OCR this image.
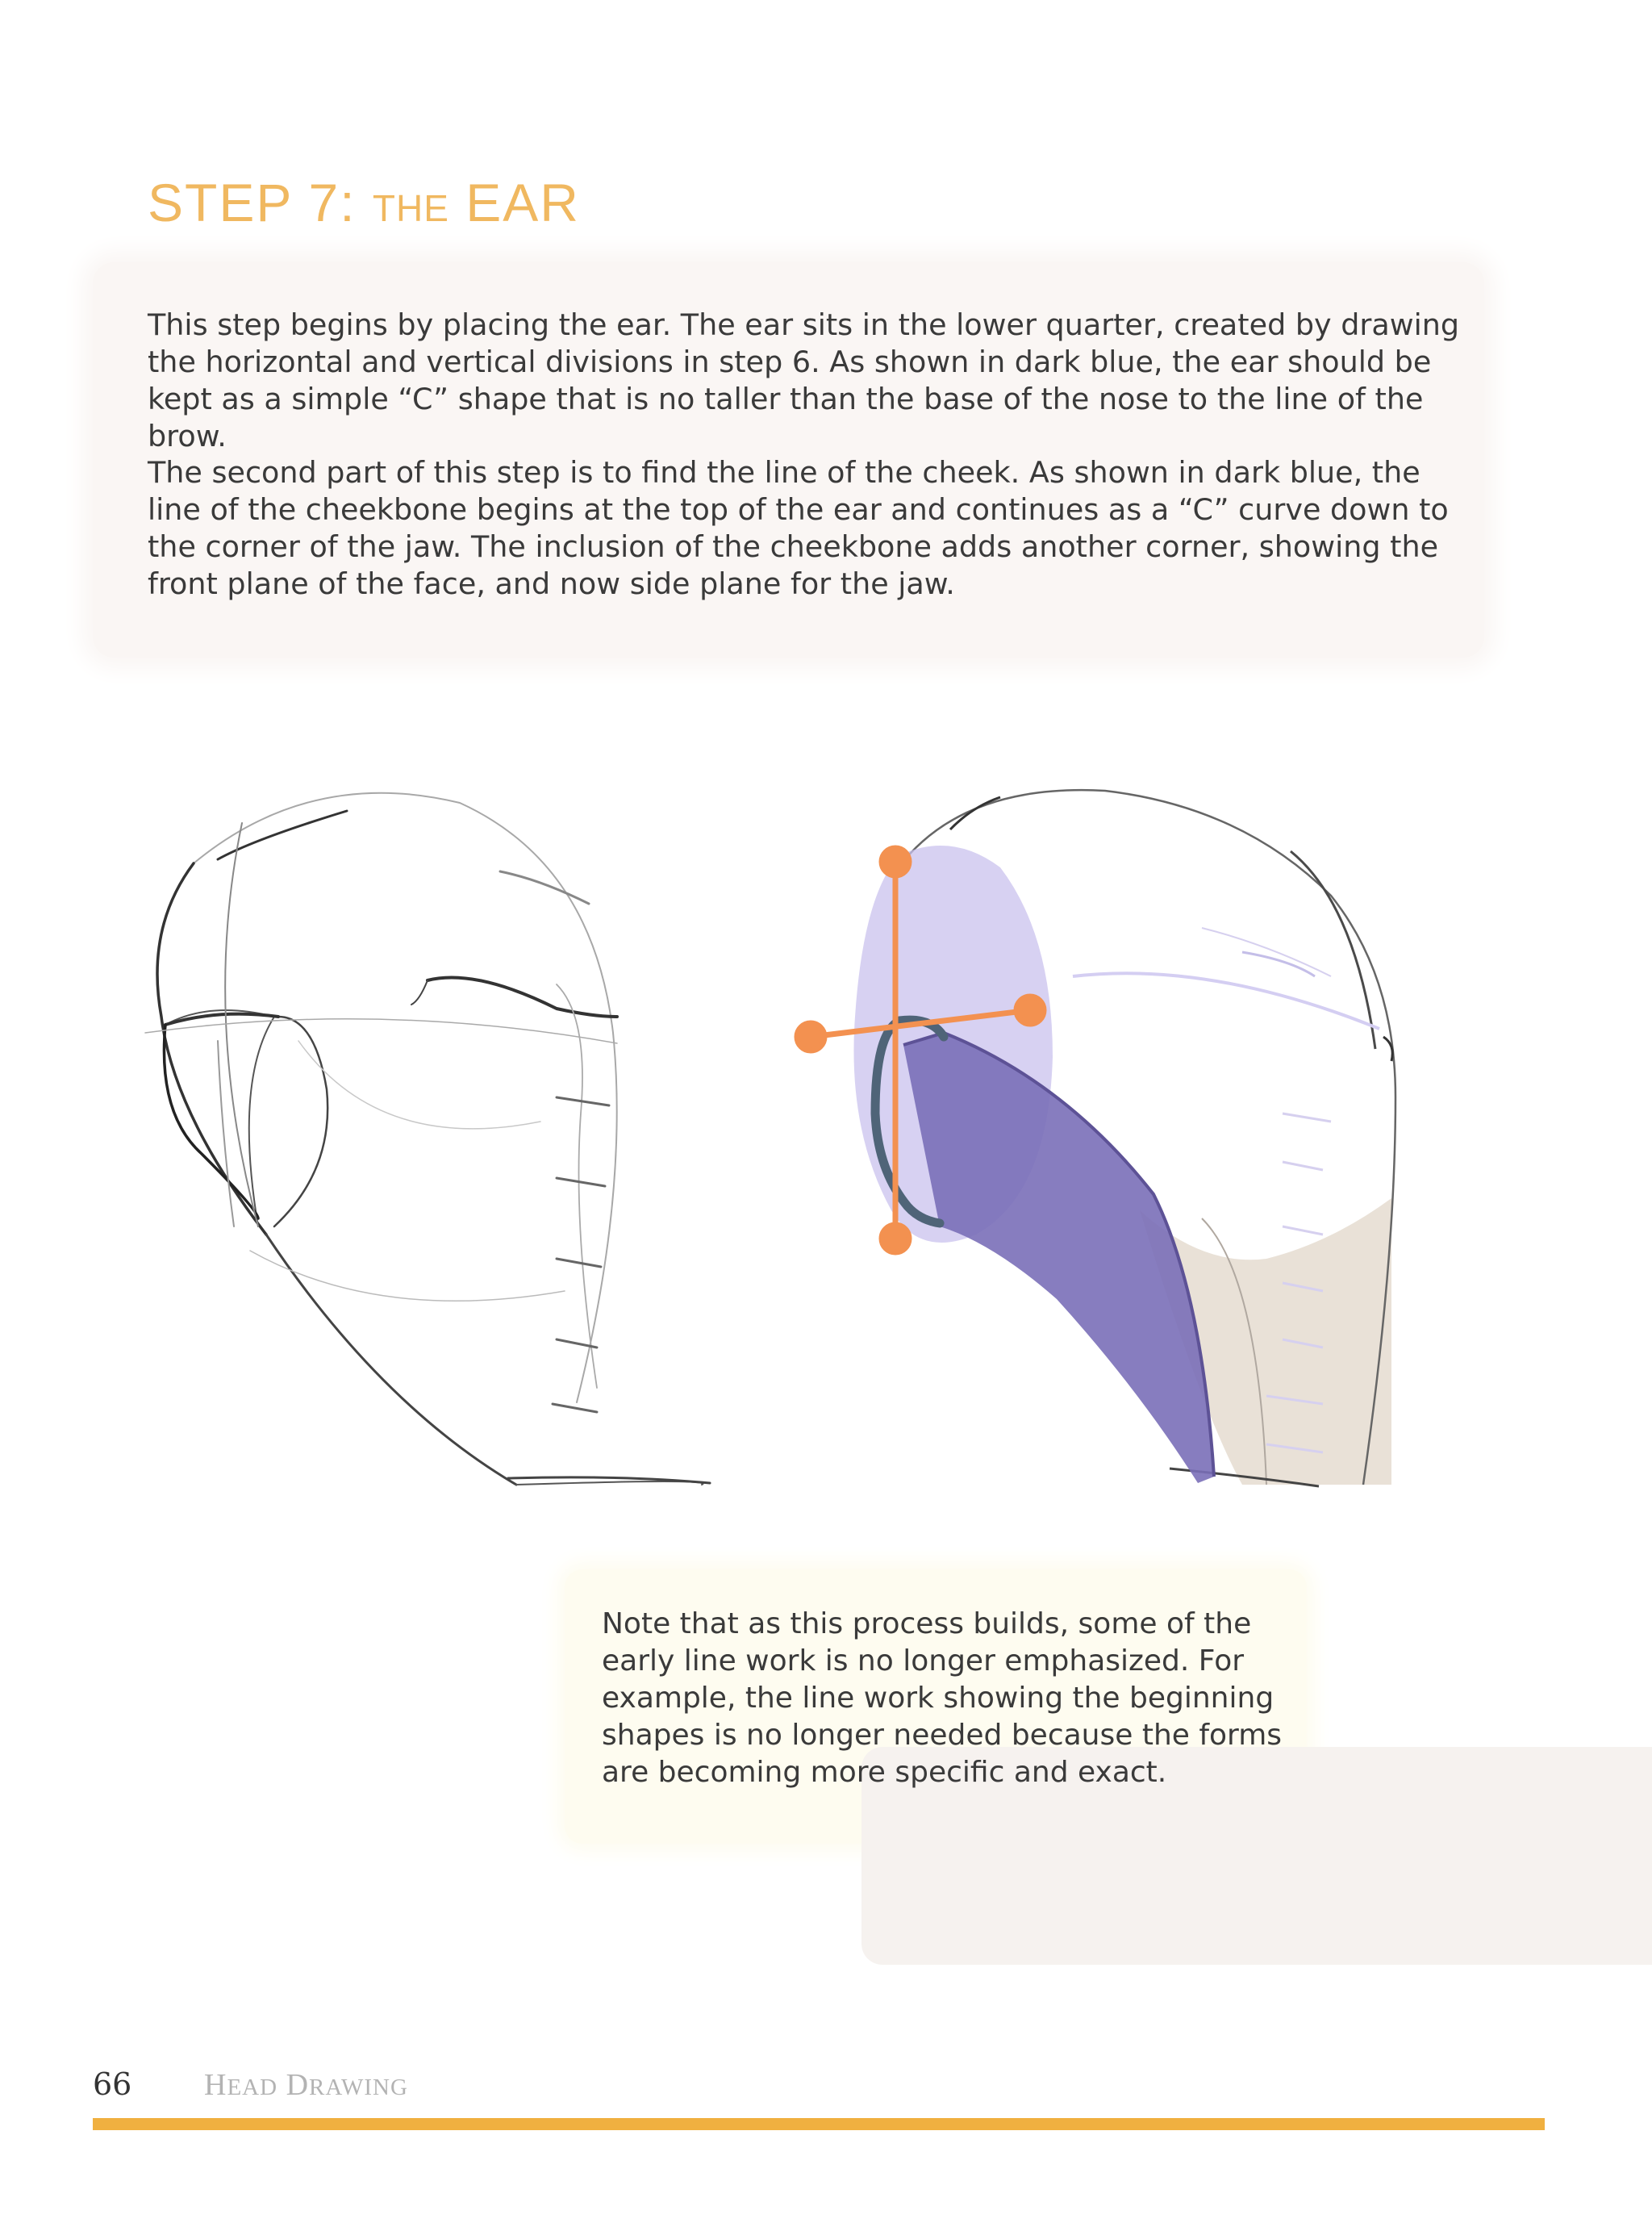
STEP 7: THE EAR
This step begins by placing the ear. The ear sits in the lower quarter, created by drawing the horizontal and vertical divisions in step 6. As shown in dark blue, the ear should be kept as a simple “C” shape that is no taller than the base of the nose to the line of the brow.
The second part of this step is to find the line of the cheek. As shown in dark blue, the line of the cheekbone begins at the top of the ear and continues as a “C” curve down to the corner of the jaw. The inclusion of the cheekbone adds another corner, showing the front plane of the face, and now side plane for the jaw.
Note that as this process builds, some of the early line work is no longer emphasized. For example, the line work showing the beginning shapes is no longer needed because the forms are becoming more specific and exact.
66 HEAD DRAWING
